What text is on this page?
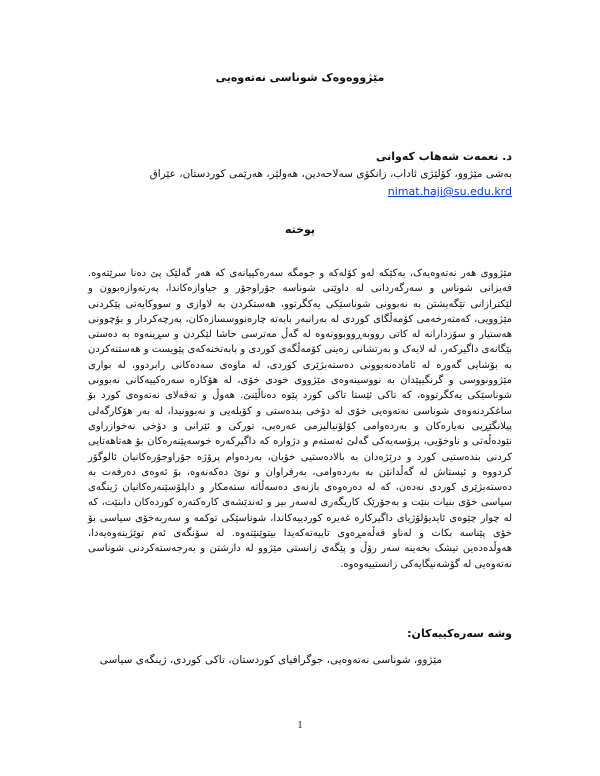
مێژووەوەک شوناسی نەتەوەیی
د. نعمەت شەهاب کەوانی
بەشی مێژوو، کۆلێژی ئاداب، زانکۆی سەلاحەدین، هەولێر، هەرێمی کوردستان، عێراق
nimat.haji@su.edu.krd
پوختە
مێژووی هەر نەتەوەیەک، بەکێکە لەو کۆلەکە و جومگە سەرەکییانەی کە هەر گەلێک پێ دەنا سرێتەوە. فەیزانی شوناس و سەرگەردانی لە داوێنی شوناسە جۆراوجۆر و جیاوازەکاندا، پەرتەوازەبوون و لێکترازانی تێگەیشتن بە نەبوونی شوناسێکی یەکگرتوو، هەستکردن بە لاوازی و سووکایەتی پێکردنی مێژوویی، کەمتەرخەمی کۆمەڵگای کوردی لە بەرانبەر بابەتە چارەنووسسازەکان، پەرچەکردار و بۆچوونی هەستیار و سۆزدارانە لە کاتی رووبەڕووبوونەوە لە گەڵ مەترسی حاشا لێکردن و سڕینەوە بە دەستی بێگانەی داگیرکەر، لە لایەک و بەرتشانی زەینی کۆمەڵگەی کوردی و بابەتخنەکەی پێویست و هەستنەکردن بە بۆشایی گەورە لە ئامادەنەبوونی دەستەبژێری کوردی، لە ماوەی سەدەکانی رابردوو، لە بواری مێژوونووسی و گرنگیپێدان بە نووسینەوەی مێژووی خودی خۆی، لە هۆکارە سەرەکییەکانی نەبوونی شوناسێکی یەکگرتووە، کە تاکی ئێستا تاکی کورد پێوە دەناڵێنێ. هەوڵ و تەقەلای نەتەوەی کورد بۆ ساغکردنەوەی شوناسی نەتەوەیی خۆی لە دۆخی بندەستی و کۆیلەیی و نەبوونیدا، لە بەر هۆکارگەلی پیلانگێڕیی نەیارەکان و بەردەوامی کۆلۆنیالیزمی عەرەبی، تورکی و ئێرانی و دۆخی نەخوازراوی نێودەڵەتی و ناوخۆیی، پرۆسەیەکی گەلێ ئەستەم و دژوارە کە داگیرکەرە خوسەپێنەرەکان بۆ هەتاهەتایی کردنی بندەستیی کورد و درێژەدان بە بالادەستیی خۆیان، بەردەوام پرۆژە جۆراوجۆرەکانیان ئالوگۆر کردووە و ئیستاش لە گەڵدانێن بە بەردەوامی، بەرفراوان و نوێ دەکەنەوە، بۆ ئەوەی دەرفەت بە دەستەبژێری کوردی نەدەن، کە لە دەرەوەی بازنەی دەسەڵاتە ستەمکار و داپلۆسێنەرەکانیان ژینگەی سیاسی خۆی بنیات بنێت و بەجۆرێک کاریگەری لەسەر بیر و ئەندێشەی کارەکتەرە کوردەکان دابنێت، کە لە چوار چێوەی ئایدیۆلۆژیای داگیرکارە غەیرە کوردییەکاندا، شوناسێکی توکمە و سەربەخۆی سیاسی بۆ خۆی پێناسە بکات و لەناو قەڵەمڕەوی تایبەتەکەیدا بیتوێنێتەوە. لە سۆنگەی ئەم توێژینەوەیەدا، هەوڵدەدەین تیشک بخەینە سەر رۆڵ و پێگەی زانستی مێژوو لە دارشتن و بەرجەستەکردنی شوناسی نەتەوەیی لە گۆشەنیگایەکی زانستییەوەوە.
وشە سەرەکییەکان:
مێژوو، شوناسی نەتەوەیی، جوگرافیای کوردستان، تاکی کوردی، ژینگەی سیاسی
1
